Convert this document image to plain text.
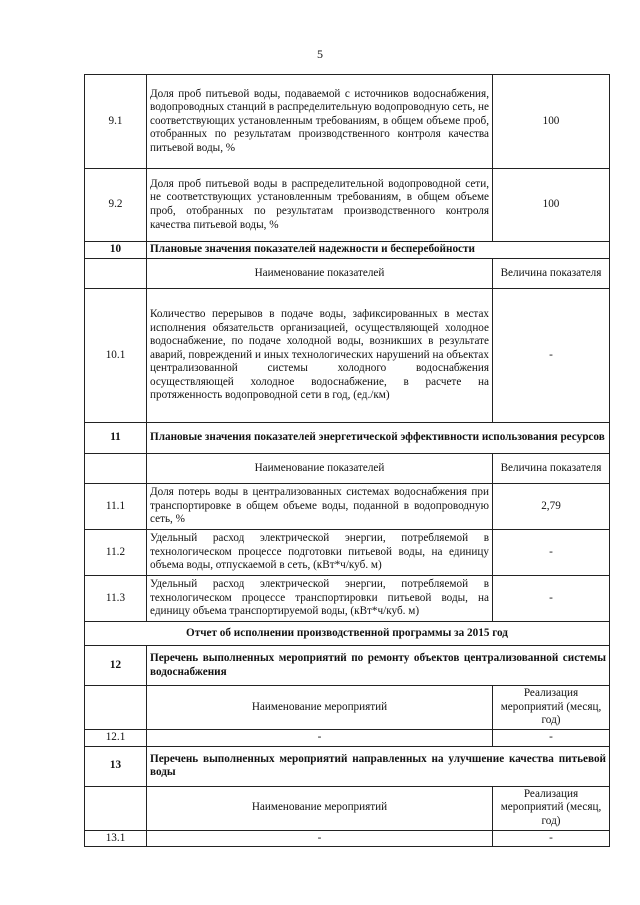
5
9.1	Доля проб питьевой воды, подаваемой с источников водоснабжения, водопроводных станций в распределительную водопроводную сеть, не соответствующих установленным требованиям, в общем объеме проб, отобранных по результатам производственного контроля качества питьевой воды, %	100
9.2	Доля проб питьевой воды в распределительной водопроводной сети, не соответствующих установленным требованиям, в общем объеме проб, отобранных по результатам производственного контроля качества питьевой воды, %	100
10	Плановые значения показателей надежности и бесперебойности	
	Наименование показателей	Величина показателя
10.1	Количество перерывов в подаче воды, зафиксированных в местах исполнения обязательств организацией, осуществляющей холодное водоснабжение, по подаче холодной воды, возникших в результате аварий, повреждений и иных технологических нарушений на объектах централизованной системы холодного водоснабжения осуществляющей холодное водоснабжение, в расчете на протяженность водопроводной сети в год, (ед./км)	-
11	Плановые значения показателей энергетической эффективности использования ресурсов	
	Наименование показателей	Величина показателя
11.1	Доля потерь воды в централизованных системах водоснабжения при транспортировке в общем объеме воды, поданной в водопроводную сеть, %	2,79
11.2	Удельный расход электрической энергии, потребляемой в технологическом процессе подготовки питьевой воды, на единицу объема воды, отпускаемой в сеть, (кВт*ч/куб. м)	-
11.3	Удельный расход электрической энергии, потребляемой в технологическом процессе транспортировки питьевой воды, на единицу объема транспортируемой воды, (кВт*ч/куб. м)	-
Отчет об исполнении производственной программы за 2015 год		
12	Перечень выполненных мероприятий по ремонту объектов централизованной системы водоснабжения	
	Наименование мероприятий	Реализация мероприятий (месяц, год)
12.1	-	-
13	Перечень выполненных мероприятий направленных на улучшение качества питьевой воды	
	Наименование мероприятий	Реализация мероприятий (месяц, год)
13.1	-	-
